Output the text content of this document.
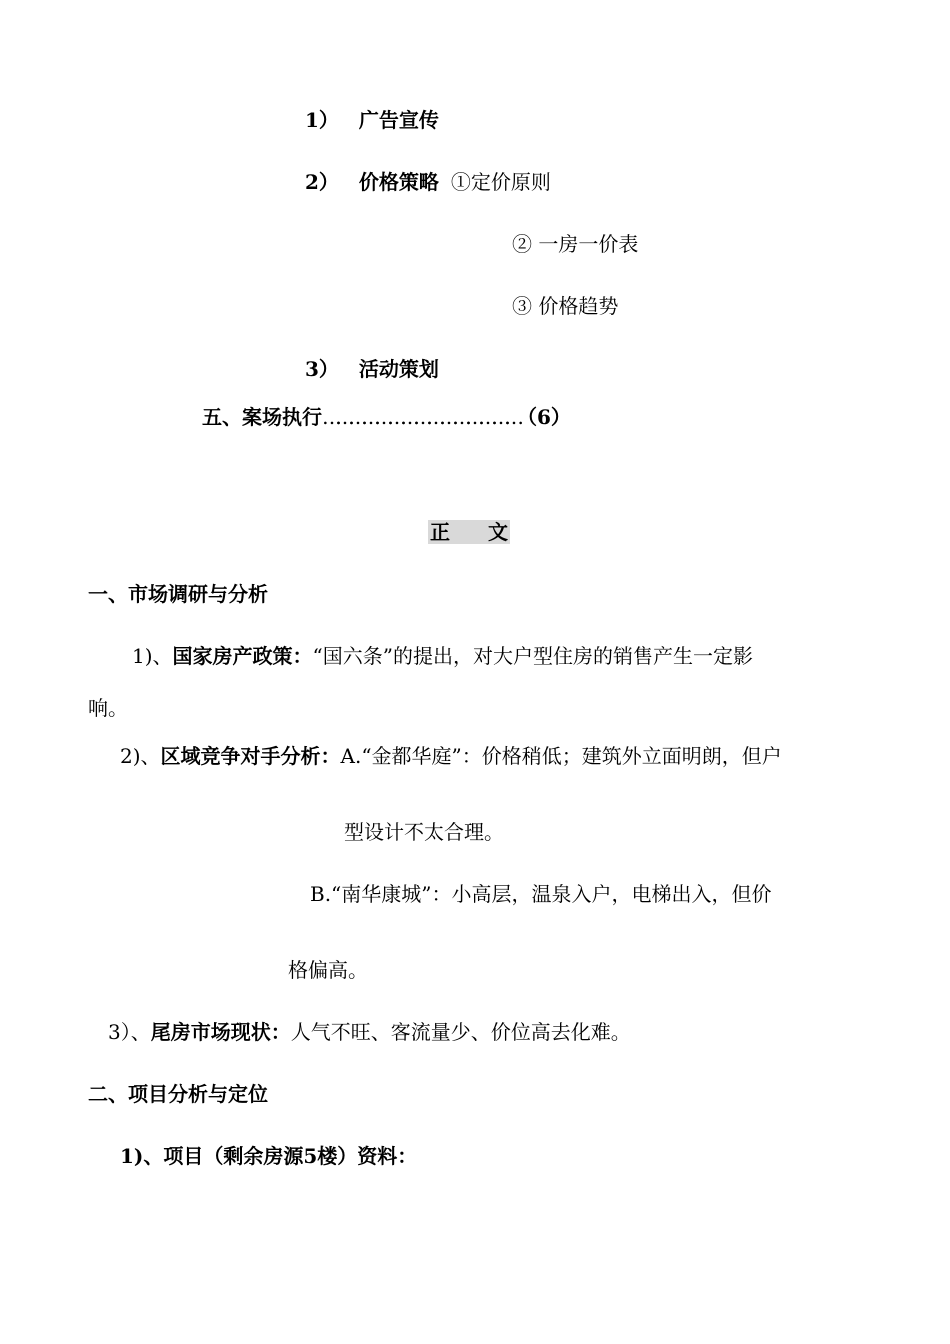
1） 广告宣传
2） 价格策略 ①定价原则
② 一房一价表
③ 价格趋势
3） 活动策划
五、案场执行………………………………………（6）
正 文
一、市场调研与分析
1)、国家房产政策：“国六条”的提出，对大户型住房的销售产生一定影
响。
2)、区域竞争对手分析：A.“金都华庭”：价格稍低；建筑外立面明朗，但户
型设计不太合理。
B.“南华康城”：小高层，温泉入户，电梯出入，但价
格偏高。
3）、尾房市场现状：人气不旺、客流量少、价位高去化难。
二、项目分析与定位
1)、项目（剩余房源5楼）资料：
